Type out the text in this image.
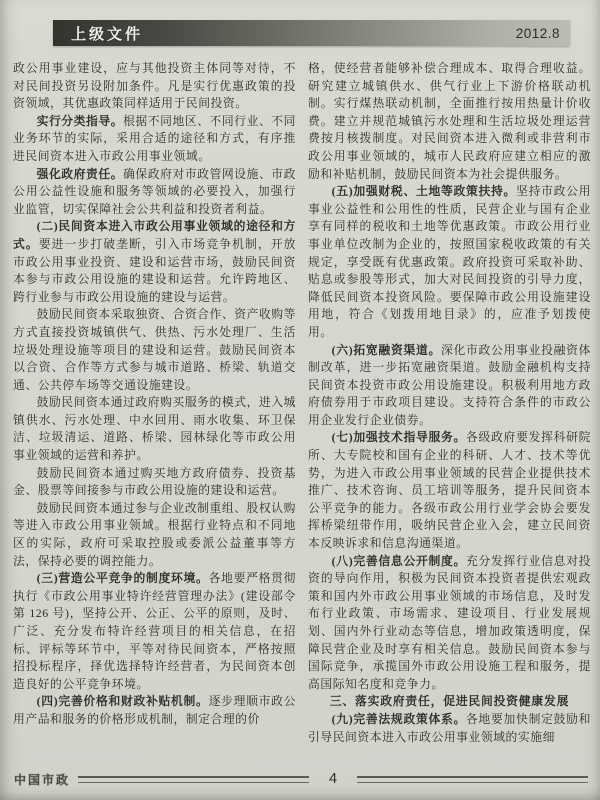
上级文件	2012.8

政公用事业建设，应与其他投资主体同等对待，不对民间投资另设附加条件。凡是实行优惠政策的投资领域，其优惠政策同样适用于民间投资。

实行分类指导。根据不同地区、不同行业、不同业务环节的实际，采用合适的途径和方式，有序推进民间资本进入市政公用事业领域。

强化政府责任。确保政府对市政管网设施、市政公用公益性设施和服务等领域的必要投入，加强行业监管，切实保障社会公共利益和投资者利益。

(二)民间资本进入市政公用事业领域的途径和方式。要进一步打破垄断，引入市场竞争机制，开放市政公用事业投资、建设和运营市场，鼓励民间资本参与市政公用设施的建设和运营。允许跨地区、跨行业参与市政公用设施的建设与运营。

鼓励民间资本采取独资、合资合作、资产收购等方式直接投资城镇供气、供热、污水处理厂、生活垃圾处理设施等项目的建设和运营。鼓励民间资本以合资、合作等方式参与城市道路、桥梁、轨道交通、公共停车场等交通设施建设。

鼓励民间资本通过政府购买服务的模式，进入城镇供水、污水处理、中水回用、雨水收集、环卫保洁、垃圾清运、道路、桥梁、园林绿化等市政公用事业领域的运营和养护。

鼓励民间资本通过购买地方政府债券、投资基金、股票等间接参与市政公用设施的建设和运营。

鼓励民间资本通过参与企业改制重组、股权认购等进入市政公用事业领域。根据行业特点和不同地区的实际，政府可采取控股或委派公益董事等方法，保持必要的调控能力。

(三)营造公平竞争的制度环境。各地要严格贯彻执行《市政公用事业特许经营管理办法》(建设部令第 126 号)，坚持公开、公正、公平的原则，及时、广泛、充分发布特许经营项目的相关信息，在招标、评标等环节中，平等对待民间资本，严格按照招投标程序，择优选择特许经营者，为民间资本创造良好的公平竞争环境。

(四)完善价格和财政补贴机制。逐步理顺市政公用产品和服务的价格形成机制，制定合理的价

格，使经营者能够补偿合理成本、取得合理收益。研究建立城镇供水、供气行业上下游价格联动机制。实行煤热联动机制，全面推行按用热量计价收费。建立并规范城镇污水处理和生活垃圾处理运营费按月核拨制度。对民间资本进入微利或非营利市政公用事业领域的，城市人民政府应建立相应的激励和补贴机制，鼓励民间资本为社会提供服务。

(五)加强财税、土地等政策扶持。坚持市政公用事业公益性和公用性的性质，民营企业与国有企业享有同样的税收和土地等优惠政策。市政公用行业事业单位改制为企业的，按照国家税收政策的有关规定，享受既有优惠政策。政府投资可采取补助、贴息或参股等形式，加大对民间投资的引导力度，降低民间资本投资风险。要保障市政公用设施建设用地，符合《划拨用地目录》的，应准予划拨使用。

(六)拓宽融资渠道。深化市政公用事业投融资体制改革，进一步拓宽融资渠道。鼓励金融机构支持民间资本投资市政公用设施建设。积极利用地方政府债券用于市政项目建设。支持符合条件的市政公用企业发行企业债券。

(七)加强技术指导服务。各级政府要发挥科研院所、大专院校和国有企业的科研、人才、技术等优势，为进入市政公用事业领域的民营企业提供技术推广、技术咨询、员工培训等服务，提升民间资本公平竞争的能力。各级市政公用行业学会协会要发挥桥梁纽带作用，吸纳民营企业入会，建立民间资本反映诉求和信息沟通渠道。

(八)完善信息公开制度。充分发挥行业信息对投资的导向作用，积极为民间资本投资者提供宏观政策和国内外市政公用事业领域的市场信息，及时发布行业政策、市场需求、建设项目、行业发展规划、国内外行业动态等信息，增加政策透明度，保障民营企业及时享有相关信息。鼓励民间资本参与国际竞争，承揽国外市政公用设施工程和服务，提高国际知名度和竞争力。

三、落实政府责任，促进民间投资健康发展

(九)完善法规政策体系。各地要加快制定鼓励和引导民间资本进入市政公用事业领域的实施细

中国市政	4
